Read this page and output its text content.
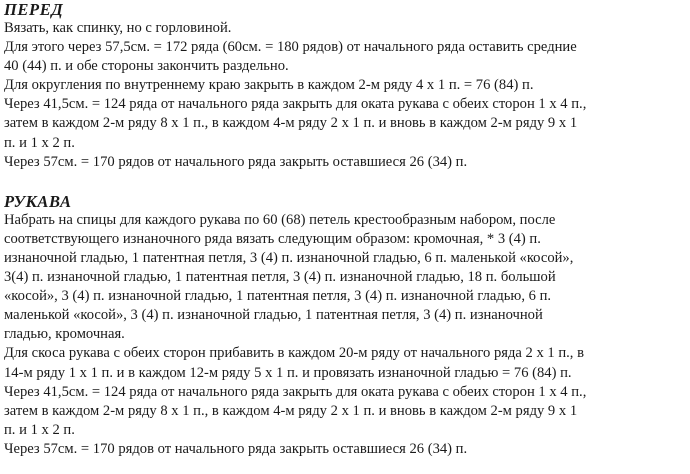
ПЕРЕД
Вязать, как спинку, но с горловиной.
Для этого через 57,5см. = 172 ряда (60см. = 180 рядов) от начального ряда оставить средние
40 (44) п. и обе стороны закончить раздельно.
Для округления по внутреннему краю закрыть в каждом 2-м ряду 4 х 1 п. = 76 (84) п.
Через 41,5см. = 124 ряда от начального ряда закрыть для оката рукава с обеих сторон 1 х 4 п.,
затем в каждом 2-м ряду 8 х 1 п., в каждом 4-м ряду 2 х 1 п. и вновь в каждом 2-м ряду 9 х 1
п. и 1 х 2 п.
Через 57см. = 170 рядов от начального ряда закрыть оставшиеся 26 (34) п.
РУКАВА
Набрать на спицы для каждого рукава по 60 (68) петель крестообразным набором, после
соответствующего изнаночного ряда вязать следующим образом: кромочная, * 3 (4) п.
изнаночной гладью, 1 патентная петля, 3 (4) п. изнаночной гладью, 6 п. маленькой «косой»,
3(4) п. изнаночной гладью, 1 патентная петля, 3 (4) п. изнаночной гладью, 18 п. большой
«косой», 3 (4) п. изнаночной гладью, 1 патентная петля, 3 (4) п. изнаночной гладью, 6 п.
маленькой «косой», 3 (4) п. изнаночной гладью, 1 патентная петля, 3 (4) п. изнаночной
гладью, кромочная.
Для скоса рукава с обеих сторон прибавить в каждом 20-м ряду от начального ряда 2 х 1 п., в
14-м ряду 1 х 1 п. и в каждом 12-м ряду 5 х 1 п. и провязать изнаночной гладью = 76 (84) п.
Через 41,5см. = 124 ряда от начального ряда закрыть для оката рукава с обеих сторон 1 х 4 п.,
затем в каждом 2-м ряду 8 х 1 п., в каждом 4-м ряду 2 х 1 п. и вновь в каждом 2-м ряду 9 х 1
п. и 1 х 2 п.
Через 57см. = 170 рядов от начального ряда закрыть оставшиеся 26 (34) п.
